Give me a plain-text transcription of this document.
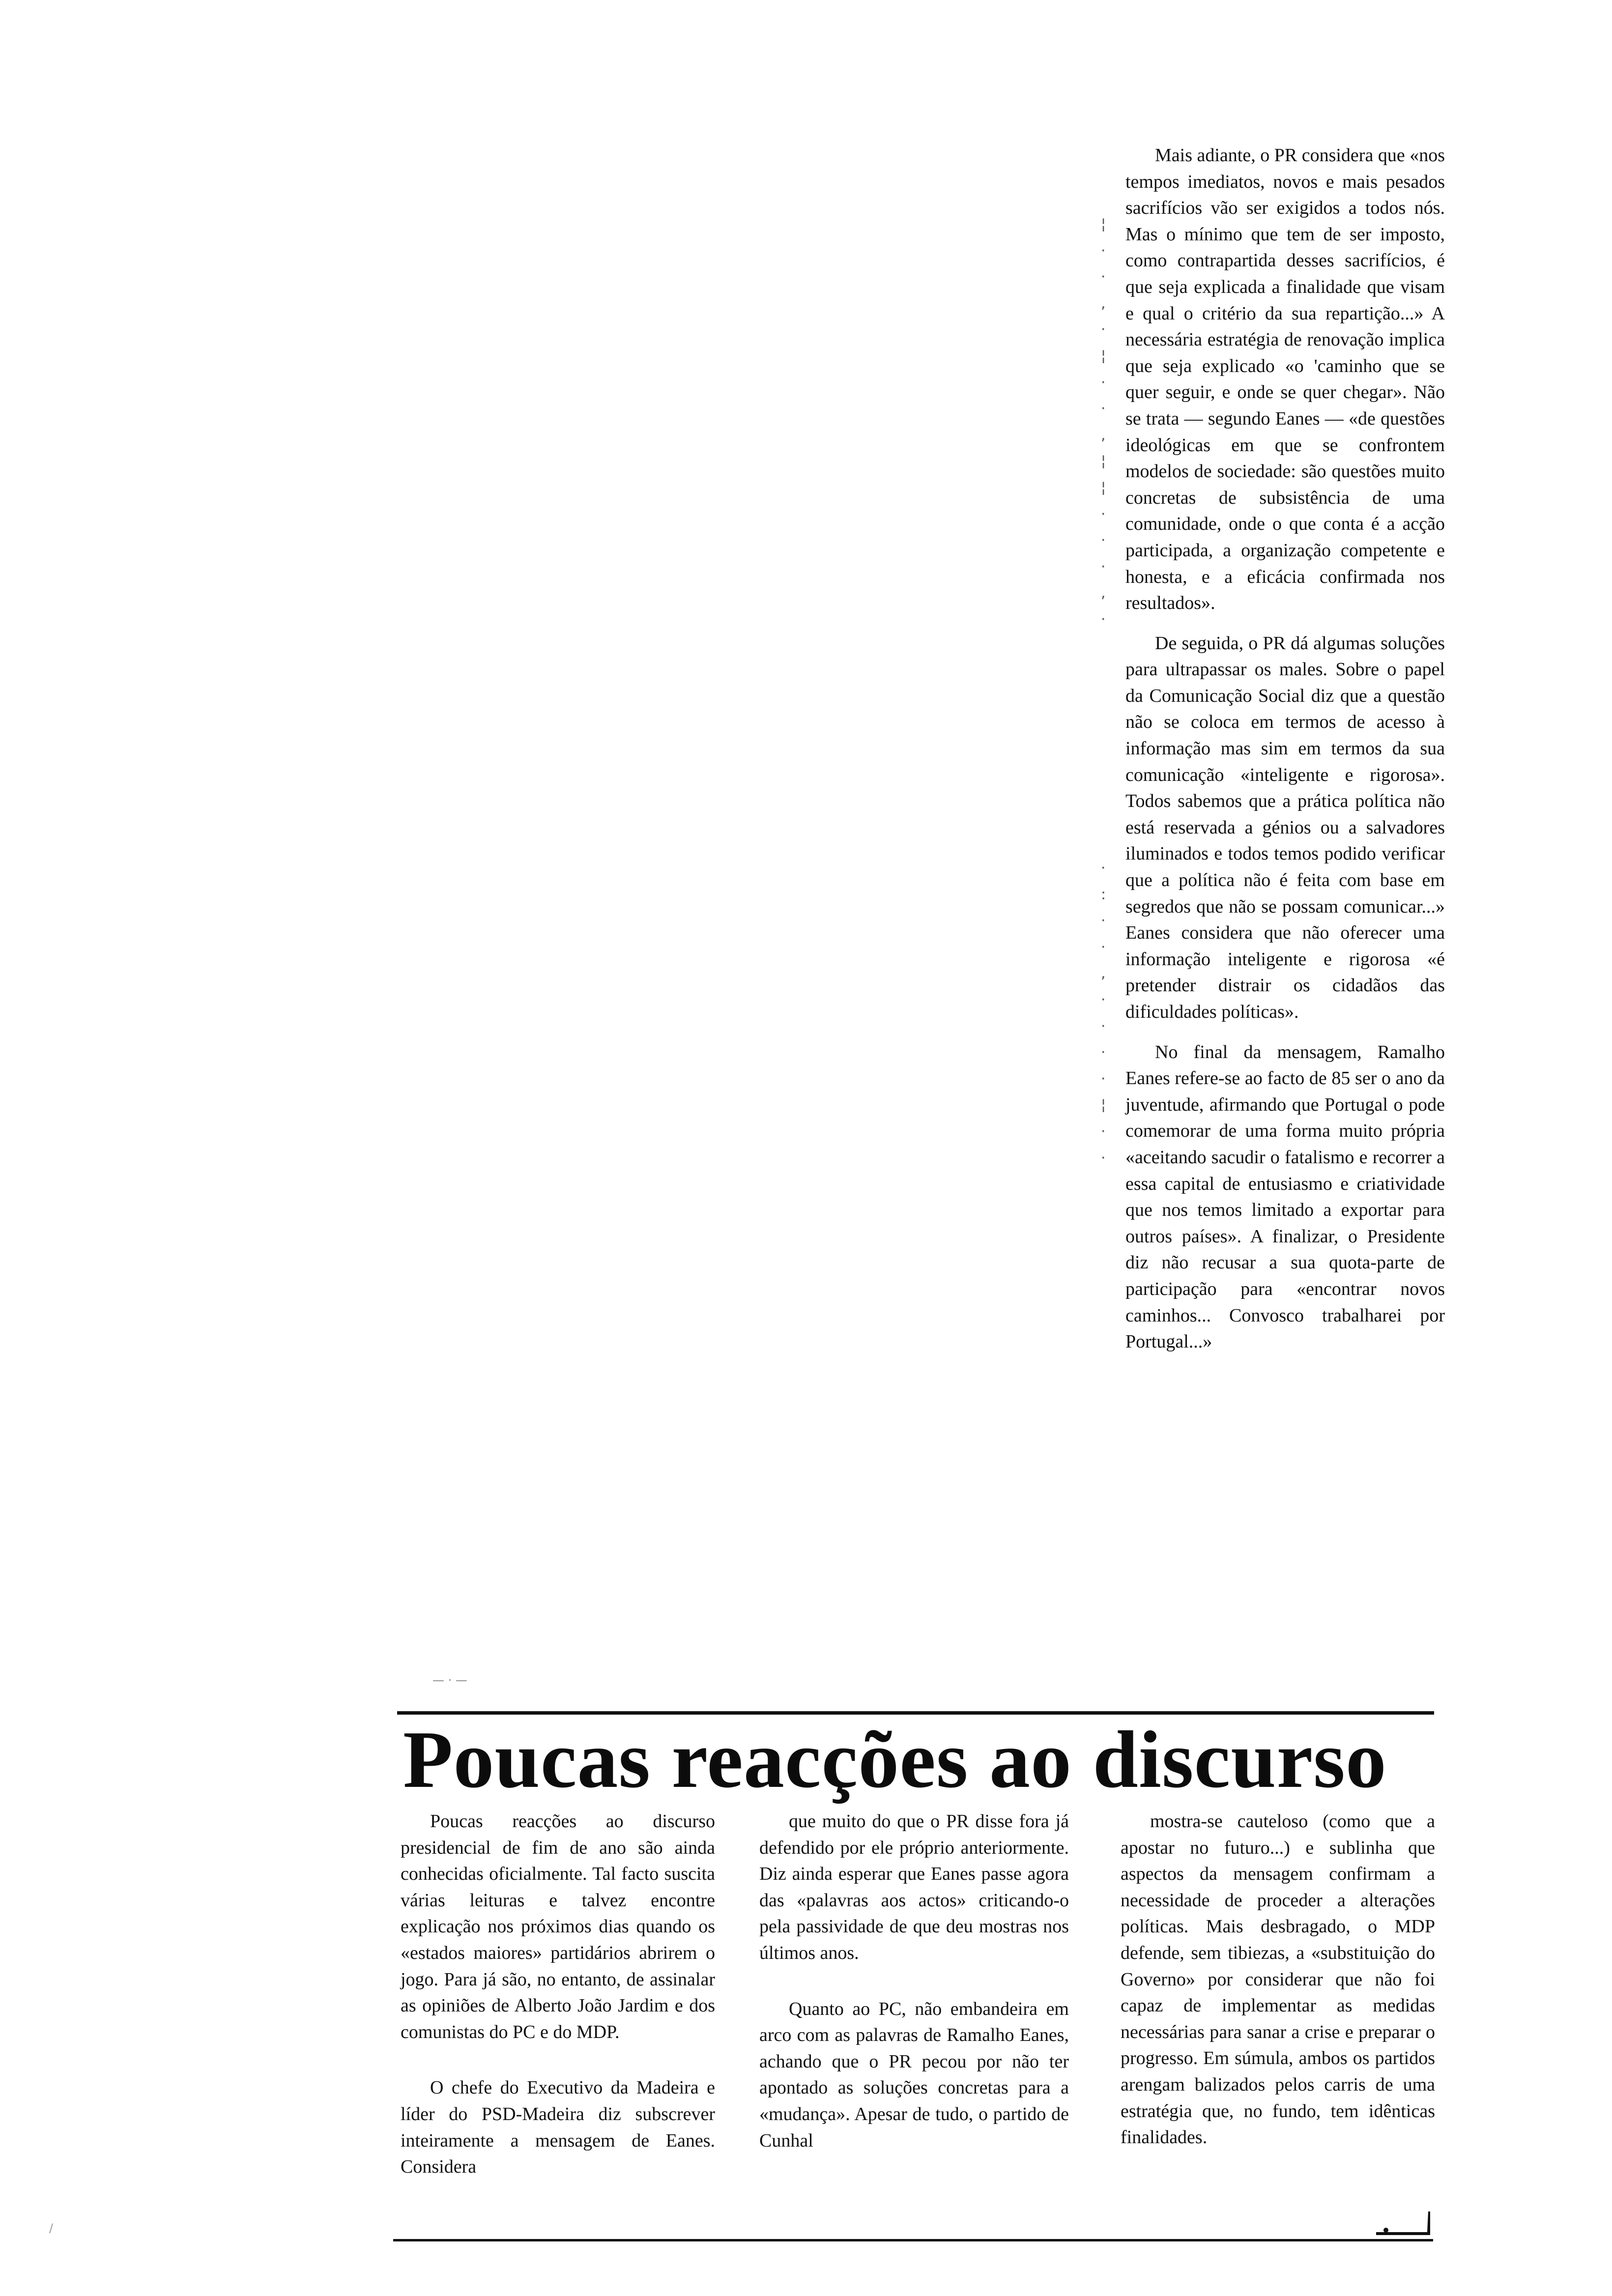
Mais adiante, o PR considera que «nos tempos imediatos, novos e mais pesados sacrifícios vão ser exigidos a todos nós. Mas o mínimo que tem de ser imposto, como contrapartida desses sacrifícios, é que seja explicada a finalidade que visam e qual o critério da sua repartição...» A necessária estratégia de renovação implica que seja explicado «o 'caminho que se quer seguir, e onde se quer chegar». Não se trata — segundo Eanes — «de questões ideológicas em que se confrontem modelos de sociedade: são questões muito concretas de subsistência de uma comunidade, onde o que conta é a acção participada, a organização competente e honesta, e a eficácia confirmada nos resultados».

De seguida, o PR dá algumas soluções para ultrapassar os males. Sobre o papel da Comunicação Social diz que a questão não se coloca em termos de acesso à informação mas sim em termos da sua comunicação «inteligente e rigorosa». Todos sabemos que a prática política não está reservada a génios ou a salvadores iluminados e todos temos podido verificar que a política não é feita com base em segredos que não se possam comunicar...» Eanes considera que não oferecer uma informação inteligente e rigorosa «é pretender distrair os cidadãos das dificuldades políticas».

No final da mensagem, Ramalho Eanes refere-se ao facto de 85 ser o ano da juventude, afirmando que Portugal o pode comemorar de uma forma muito própria «aceitando sacudir o fatalismo e recorrer a essa capital de entusiasmo e criatividade que nos temos limitado a exportar para outros países». A finalizar, o Presidente diz não recusar a sua quota-parte de participação para «encontrar novos caminhos... Convosco trabalharei por Portugal...»

¦
·
·
,
·
¦
·
·
,
¦
¦
·
·
·
,
·
·
:
·
·
,
·
·
·
·
¦
·
·
— · —
Poucas reacções ao discurso

Poucas reacções ao discurso presidencial de fim de ano são ainda conhecidas oficialmente. Tal facto suscita várias leituras e talvez encontre explicação nos próximos dias quando os «estados maiores» partidários abrirem o jogo. Para já são, no entanto, de assinalar as opiniões de Alberto João Jardim e dos comunistas do PC e do MDP.

O chefe do Executivo da Madeira e líder do PSD-Madeira diz subscrever inteiramente a mensagem de Eanes. Considera

que muito do que o PR disse fora já defendido por ele próprio anteriormente. Diz ainda esperar que Eanes passe agora das «palavras aos actos» criticando-o pela passividade de que deu mostras nos últimos anos.

Quanto ao PC, não embandeira em arco com as palavras de Ramalho Eanes, achando que o PR pecou por não ter apontado as soluções concretas para a «mudança». Apesar de tudo, o partido de Cunhal

mostra-se cauteloso (como que a apostar no futuro...) e sublinha que aspectos da mensagem confirmam a necessidade de proceder a alterações políticas. Mais desbragado, o MDP defende, sem tibiezas, a «substituição do Governo» por considerar que não foi capaz de implementar as medidas necessárias para sanar a crise e preparar o progresso. Em súmula, ambos os partidos arengam balizados pelos carris de uma estratégia que, no fundo, tem idênticas finalidades.

/
